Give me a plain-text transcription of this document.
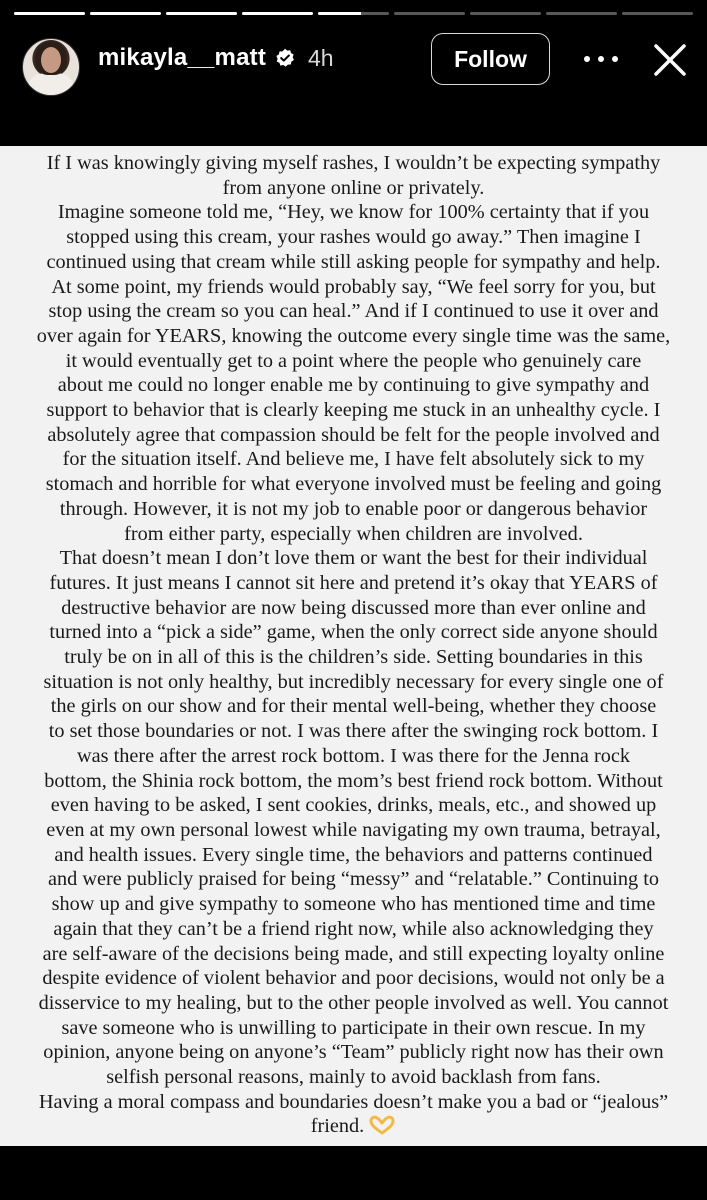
mikayla__matt 4h	Follow

If I was knowingly giving myself rashes, I wouldn’t be expecting sympathy
from anyone online or privately.
Imagine someone told me, “Hey, we know for 100% certainty that if you
stopped using this cream, your rashes would go away.” Then imagine I
continued using that cream while still asking people for sympathy and help.
At some point, my friends would probably say, “We feel sorry for you, but
stop using the cream so you can heal.” And if I continued to use it over and
over again for YEARS, knowing the outcome every single time was the same,
it would eventually get to a point where the people who genuinely care
about me could no longer enable me by continuing to give sympathy and
support to behavior that is clearly keeping me stuck in an unhealthy cycle. I
absolutely agree that compassion should be felt for the people involved and
for the situation itself. And believe me, I have felt absolutely sick to my
stomach and horrible for what everyone involved must be feeling and going
through. However, it is not my job to enable poor or dangerous behavior
from either party, especially when children are involved.
That doesn’t mean I don’t love them or want the best for their individual
futures. It just means I cannot sit here and pretend it’s okay that YEARS of
destructive behavior are now being discussed more than ever online and
turned into a “pick a side” game, when the only correct side anyone should
truly be on in all of this is the children’s side. Setting boundaries in this
situation is not only healthy, but incredibly necessary for every single one of
the girls on our show and for their mental well-being, whether they choose
to set those boundaries or not. I was there after the swinging rock bottom. I
was there after the arrest rock bottom. I was there for the Jenna rock
bottom, the Shinia rock bottom, the mom’s best friend rock bottom. Without
even having to be asked, I sent cookies, drinks, meals, etc., and showed up
even at my own personal lowest while navigating my own trauma, betrayal,
and health issues. Every single time, the behaviors and patterns continued
and were publicly praised for being “messy” and “relatable.” Continuing to
show up and give sympathy to someone who has mentioned time and time
again that they can’t be a friend right now, while also acknowledging they
are self-aware of the decisions being made, and still expecting loyalty online
despite evidence of violent behavior and poor decisions, would not only be a
disservice to my healing, but to the other people involved as well. You cannot
save someone who is unwilling to participate in their own rescue. In my
opinion, anyone being on anyone’s “Team” publicly right now has their own
selfish personal reasons, mainly to avoid backlash from fans.
Having a moral compass and boundaries doesn’t make you a bad or “jealous”
friend.
